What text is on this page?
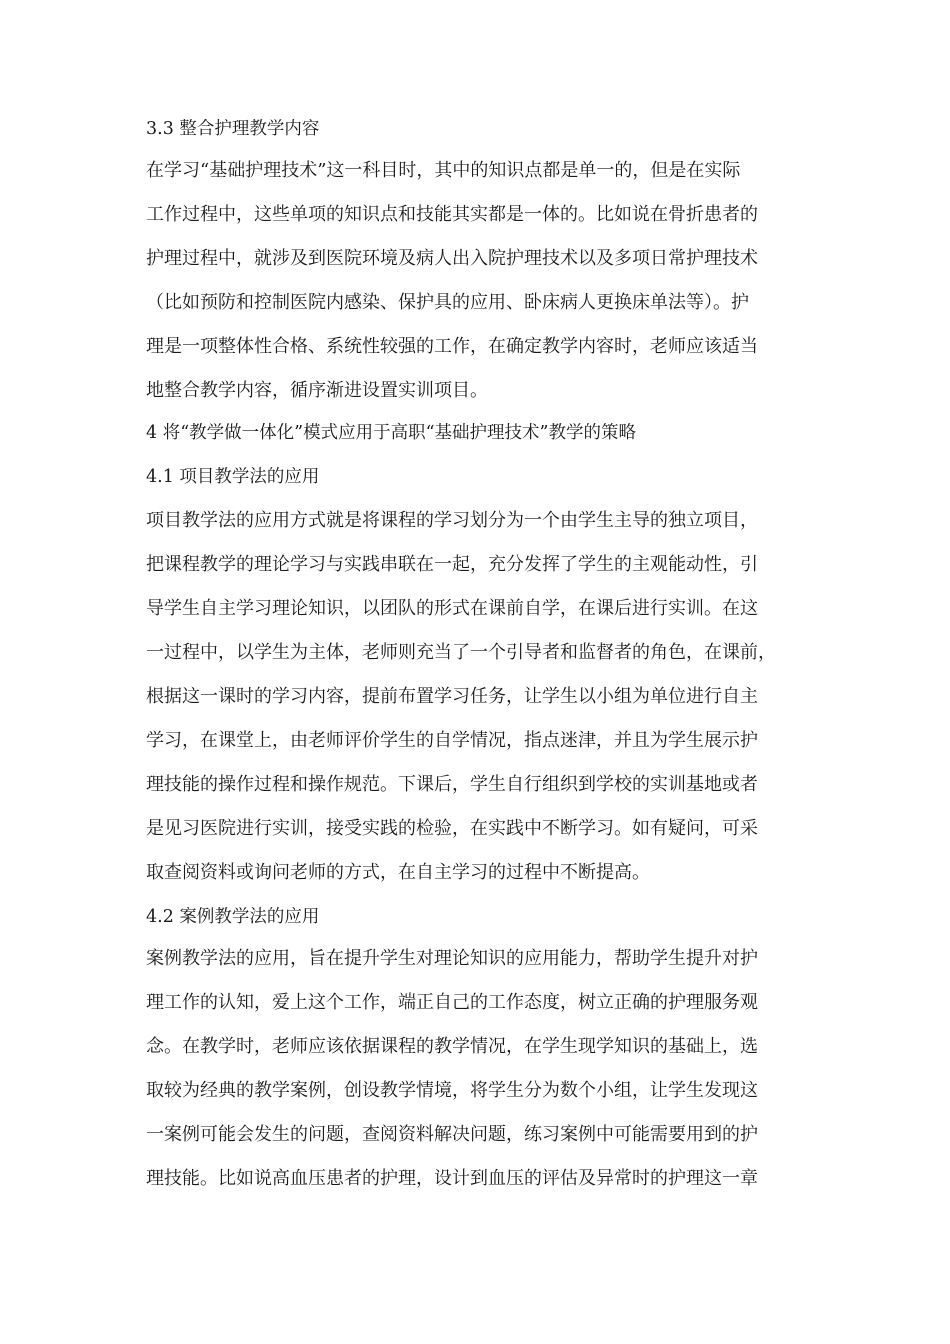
3.3 整合护理教学内容
在学习“基础护理技术”这一科目时，其中的知识点都是单一的，但是在实际
工作过程中，这些单项的知识点和技能其实都是一体的。比如说在骨折患者的
护理过程中，就涉及到医院环境及病人出入院护理技术以及多项日常护理技术
（比如预防和控制医院内感染、保护具的应用、卧床病人更换床单法等）。护
理是一项整体性合格、系统性较强的工作，在确定教学内容时，老师应该适当
地整合教学内容，循序渐进设置实训项目。
4 将“教学做一体化”模式应用于高职“基础护理技术”教学的策略
4.1 项目教学法的应用
项目教学法的应用方式就是将课程的学习划分为一个由学生主导的独立项目，
把课程教学的理论学习与实践串联在一起，充分发挥了学生的主观能动性，引
导学生自主学习理论知识，以团队的形式在课前自学，在课后进行实训。在这
一过程中，以学生为主体，老师则充当了一个引导者和监督者的角色，在课前，
根据这一课时的学习内容，提前布置学习任务，让学生以小组为单位进行自主
学习，在课堂上，由老师评价学生的自学情况，指点迷津，并且为学生展示护
理技能的操作过程和操作规范。下课后，学生自行组织到学校的实训基地或者
是见习医院进行实训，接受实践的检验，在实践中不断学习。如有疑问，可采
取查阅资料或询问老师的方式，在自主学习的过程中不断提高。
4.2 案例教学法的应用
案例教学法的应用，旨在提升学生对理论知识的应用能力，帮助学生提升对护
理工作的认知，爱上这个工作，端正自己的工作态度，树立正确的护理服务观
念。在教学时，老师应该依据课程的教学情况，在学生现学知识的基础上，选
取较为经典的教学案例，创设教学情境，将学生分为数个小组，让学生发现这
一案例可能会发生的问题，查阅资料解决问题，练习案例中可能需要用到的护
理技能。比如说高血压患者的护理，设计到血压的评估及异常时的护理这一章
